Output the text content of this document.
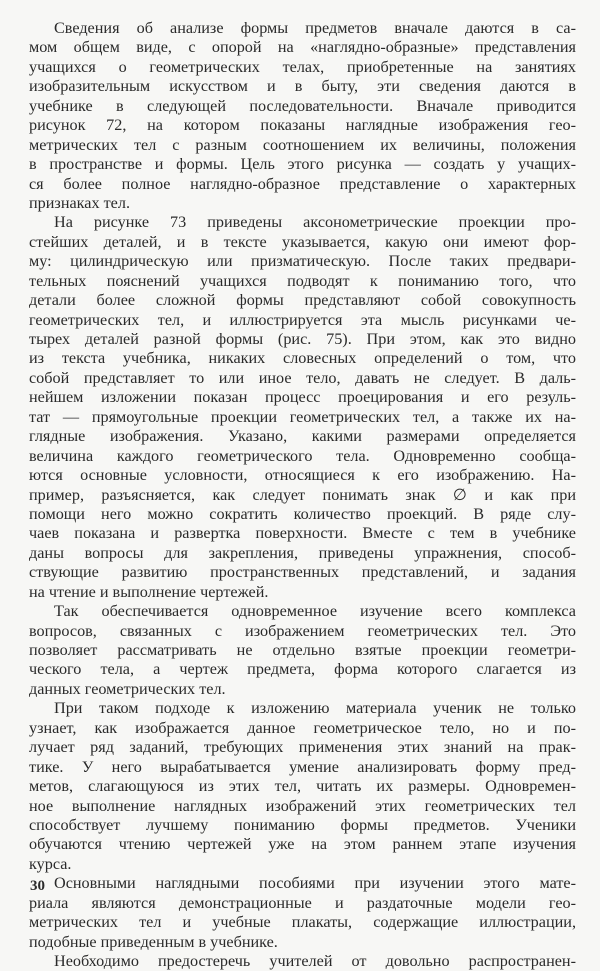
Сведения об анализе формы предметов вначале даются в са-
мом общем виде, с опорой на «наглядно-образные» представления
учащихся о геометрических телах, приобретенные на занятиях
изобразительным искусством и в быту, эти сведения даются в
учебнике в следующей последовательности. Вначале приводится
рисунок 72, на котором показаны наглядные изображения гео-
метрических тел с разным соотношением их величины, положения
в пространстве и формы. Цель этого рисунка — создать у учащих-
ся более полное наглядно-образное представление о характерных
признаках тел.
На рисунке 73 приведены аксонометрические проекции про-
стейших деталей, и в тексте указывается, какую они имеют фор-
му: цилиндрическую или призматическую. После таких предвари-
тельных пояснений учащихся подводят к пониманию того, что
детали более сложной формы представляют собой совокупность
геометрических тел, и иллюстрируется эта мысль рисунками че-
тырех деталей разной формы (рис. 75). При этом, как это видно
из текста учебника, никаких словесных определений о том, что
собой представляет то или иное тело, давать не следует. В даль-
нейшем изложении показан процесс проецирования и его резуль-
тат — прямоугольные проекции геометрических тел, а также их на-
глядные изображения. Указано, какими размерами определяется
величина каждого геометрического тела. Одновременно сообща-
ются основные условности, относящиеся к его изображению. На-
пример, разъясняется, как следует понимать знак ∅ и как при
помощи него можно сократить количество проекций. В ряде слу-
чаев показана и развертка поверхности. Вместе с тем в учебнике
даны вопросы для закрепления, приведены упражнения, способ-
ствующие развитию пространственных представлений, и задания
на чтение и выполнение чертежей.
Так обеспечивается одновременное изучение всего комплекса
вопросов, связанных с изображением геометрических тел. Это
позволяет рассматривать не отдельно взятые проекции геометри-
ческого тела, а чертеж предмета, форма которого слагается из
данных геометрических тел.
При таком подходе к изложению материала ученик не только
узнает, как изображается данное геометрическое тело, но и по-
лучает ряд заданий, требующих применения этих знаний на прак-
тике. У него вырабатывается умение анализировать форму пред-
метов, слагающуюся из этих тел, читать их размеры. Одновремен-
ное выполнение наглядных изображений этих геометрических тел
способствует лучшему пониманию формы предметов. Ученики
обучаются чтению чертежей уже на этом раннем этапе изучения
курса.
Основными наглядными пособиями при изучении этого мате-
риала являются демонстрационные и раздаточные модели гео-
метрических тел и учебные плакаты, содержащие иллюстрации,
подобные приведенным в учебнике.
Необходимо предостеречь учителей от довольно распространен-
30
